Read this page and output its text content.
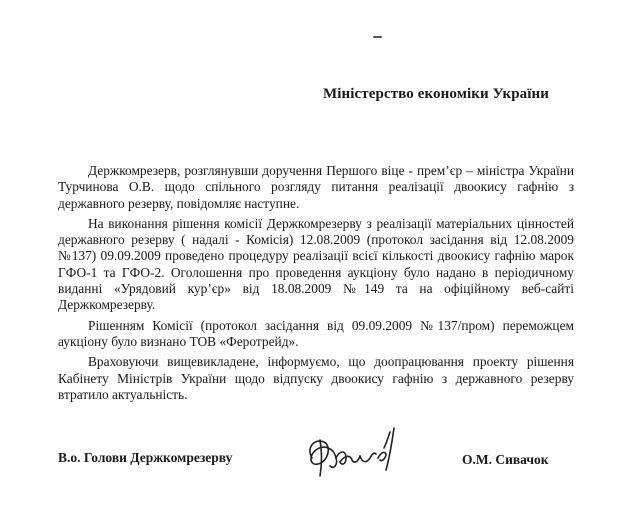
Міністерство економіки України

Держкомрезерв, розглянувши доручення Першого віце - прем’єр – міністра України Турчинова О.В. щодо спільного розгляду питання реалізації двоокису гафнію з державного резерву, повідомляє наступне.

На виконання рішення комісії Держкомрезерву з реалізації матеріальних цінностей державного резерву ( надалі - Комісія) 12.08.2009 (протокол засідання від 12.08.2009 №137) 09.09.2009 проведено процедуру реалізації всієї кількості двоокису гафнію марок ГФО-1 та ГФО-2. Оголошення про проведення аукціону було надано в періодичному виданні «Урядовий кур’єр» від 18.08.2009 №149 та на офіційному веб-сайті Держкомрезерву.

Рішенням Комісії (протокол засідання від 09.09.2009 №137/пром) переможцем аукціону було визнано ТОВ «Феротрейд».

Враховуючи вищевикладене, інформуємо, що доопрацювання проекту рішення Кабінету Міністрів України щодо відпуску двоокису гафнію з державного резерву втратило актуальність.

В.о. Голови Держкомрезерву	О.М. Сивачок
